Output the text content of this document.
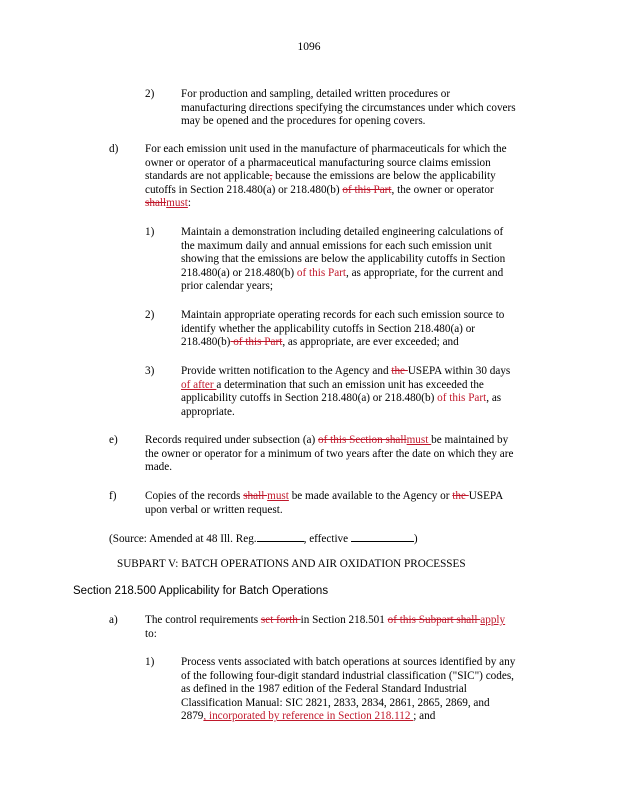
1096
2) For production and sampling, detailed written procedures or
manufacturing directions specifying the circumstances under which covers
may be opened and the procedures for opening covers.
d) For each emission unit used in the manufacture of pharmaceuticals for which the
owner or operator of a pharmaceutical manufacturing source claims emission
standards are not applicable, because the emissions are below the applicability
cutoffs in Section 218.480(a) or 218.480(b) of this Part, the owner or operator
shallmust:
1) Maintain a demonstration including detailed engineering calculations of
the maximum daily and annual emissions for each such emission unit
showing that the emissions are below the applicability cutoffs in Section
218.480(a) or 218.480(b) of this Part, as appropriate, for the current and
prior calendar years;
2) Maintain appropriate operating records for each such emission source to
identify whether the applicability cutoffs in Section 218.480(a) or
218.480(b) of this Part, as appropriate, are ever exceeded; and
3) Provide written notification to the Agency and the USEPA within 30 days
of after a determination that such an emission unit has exceeded the
applicability cutoffs in Section 218.480(a) or 218.480(b) of this Part, as
appropriate.
e) Records required under subsection (a) of this Section shallmust be maintained by
the owner or operator for a minimum of two years after the date on which they are
made.
f)	Copies of the records shall must be made available to the Agency or the USEPA
upon verbal or written request.
(Source: Amended at 48 Ill. Reg.	, effective	)
SUBPART V: BATCH OPERATIONS AND AIR OXIDATION PROCESSES
Section 218.500 Applicability for Batch Operations
a) The control requirements set forth in Section 218.501 of this Subpart shall apply
to:
1) Process vents associated with batch operations at sources identified by any
of the following four-digit standard industrial classification ("SIC") codes,
as defined in the 1987 edition of the Federal Standard Industrial
Classification Manual: SIC 2821, 2833, 2834, 2861, 2865, 2869, and
2879, incorporated by reference in Section 218.112 ; and
